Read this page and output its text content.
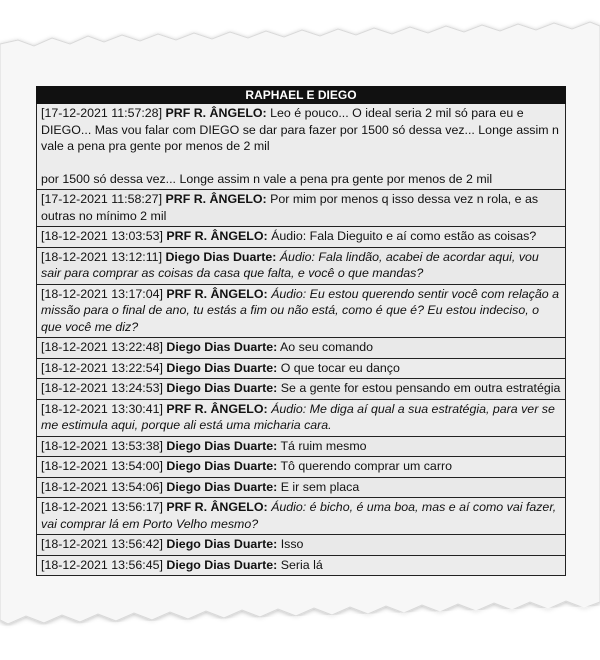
RAPHAEL E DIEGO
[17-12-2021 11:57:28] PRF R. ÂNGELO: Leo é pouco... O ideal seria 2 mil só para eu e DIEGO... Mas vou falar com DIEGO se dar para fazer por 1500 só dessa vez... Longe assim n vale a pena pra gente por menos de 2 mil
por 1500 só dessa vez... Longe assim n vale a pena pra gente por menos de 2 mil
[17-12-2021 11:58:27] PRF R. ÂNGELO: Por mim por menos q isso dessa vez n rola, e as outras no mínimo 2 mil
[18-12-2021 13:03:53] PRF R. ÂNGELO: Áudio: Fala Dieguito e aí como estão as coisas?
[18-12-2021 13:12:11] Diego Dias Duarte: Áudio: Fala lindão, acabei de acordar aqui, vou sair para comprar as coisas da casa que falta, e você o que mandas?
[18-12-2021 13:17:04] PRF R. ÂNGELO: Áudio: Eu estou querendo sentir você com relação a missão para o final de ano, tu estás a fim ou não está, como é que é? Eu estou indeciso, o que você me diz?
[18-12-2021 13:22:48] Diego Dias Duarte: Ao seu comando
[18-12-2021 13:22:54] Diego Dias Duarte: O que tocar eu danço
[18-12-2021 13:24:53] Diego Dias Duarte: Se a gente for estou pensando em outra estratégia
[18-12-2021 13:30:41] PRF R. ÂNGELO: Áudio: Me diga aí qual a sua estratégia, para ver se me estimula aqui, porque ali está uma micharia cara.
[18-12-2021 13:53:38] Diego Dias Duarte: Tá ruim mesmo
[18-12-2021 13:54:00] Diego Dias Duarte: Tô querendo comprar um carro
[18-12-2021 13:54:06] Diego Dias Duarte: E ir sem placa
[18-12-2021 13:56:17] PRF R. ÂNGELO: Áudio: é bicho, é uma boa, mas e aí como vai fazer, vai comprar lá em Porto Velho mesmo?
[18-12-2021 13:56:42] Diego Dias Duarte: Isso
[18-12-2021 13:56:45] Diego Dias Duarte: Seria lá
